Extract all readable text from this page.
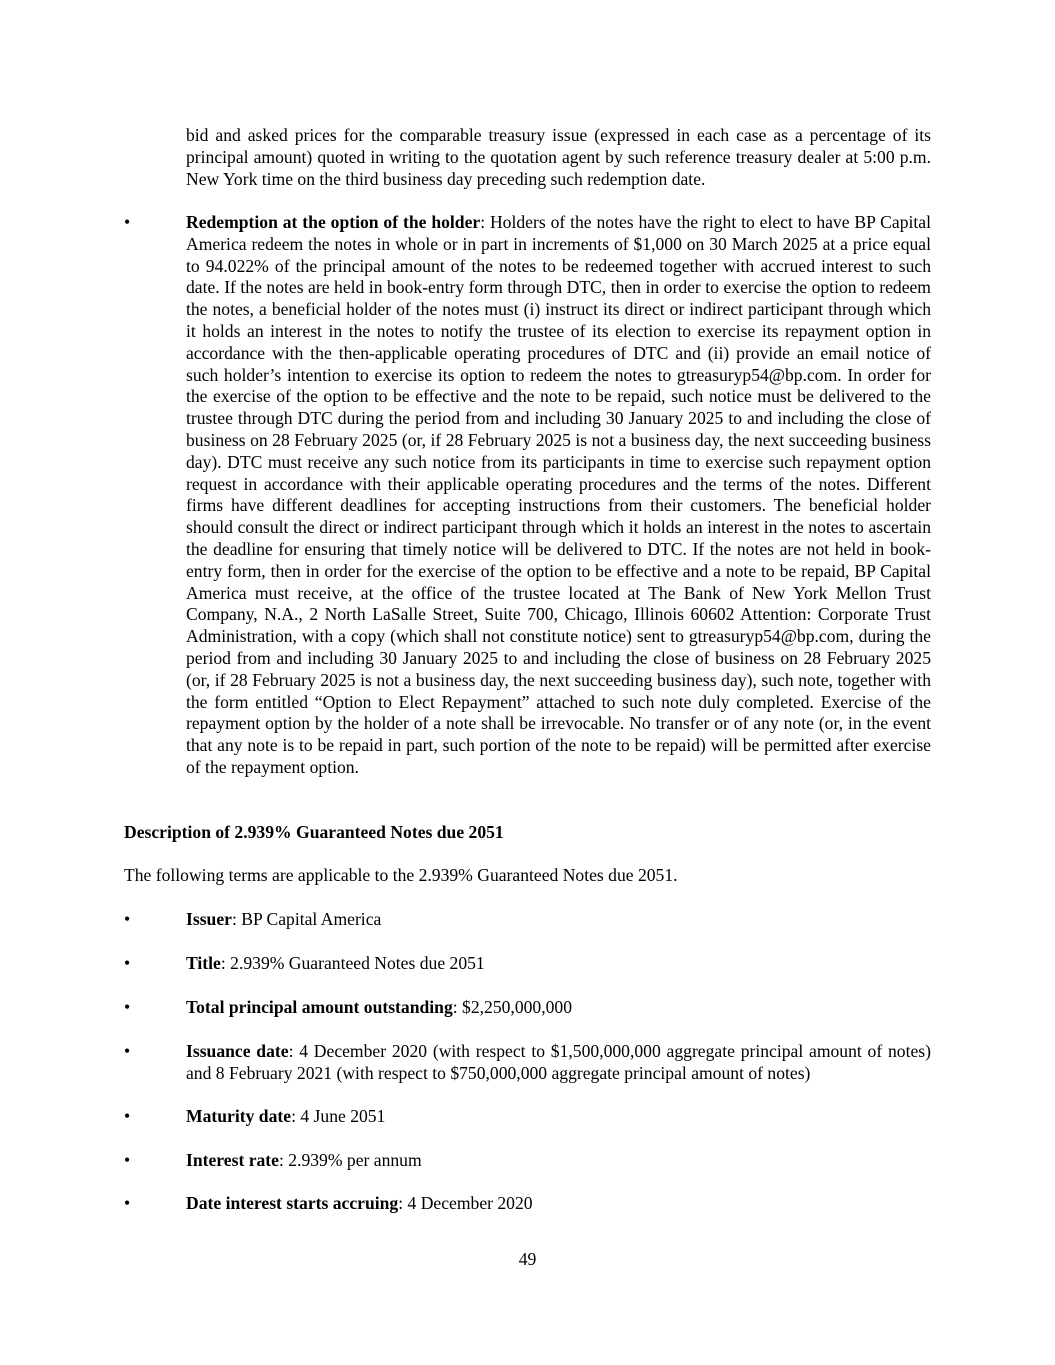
bid and asked prices for the comparable treasury issue (expressed in each case as a percentage of its principal amount) quoted in writing to the quotation agent by such reference treasury dealer at 5:00 p.m. New York time on the third business day preceding such redemption date.

•	Redemption at the option of the holder: Holders of the notes have the right to elect to have BP Capital America redeem the notes in whole or in part in increments of $1,000 on 30 March 2025 at a price equal to 94.022% of the principal amount of the notes to be redeemed together with accrued interest to such date. If the notes are held in book-entry form through DTC, then in order to exercise the option to redeem the notes, a beneficial holder of the notes must (i) instruct its direct or indirect participant through which it holds an interest in the notes to notify the trustee of its election to exercise its repayment option in accordance with the then-applicable operating procedures of DTC and (ii) provide an email notice of such holder’s intention to exercise its option to redeem the notes to gtreasuryp54@bp.com. In order for the exercise of the option to be effective and the note to be repaid, such notice must be delivered to the trustee through DTC during the period from and including 30 January 2025 to and including the close of business on 28 February 2025 (or, if 28 February 2025 is not a business day, the next succeeding business day). DTC must receive any such notice from its participants in time to exercise such repayment option request in accordance with their applicable operating procedures and the terms of the notes. Different firms have different deadlines for accepting instructions from their customers. The beneficial holder should consult the direct or indirect participant through which it holds an interest in the notes to ascertain the deadline for ensuring that timely notice will be delivered to DTC. If the notes are not held in book-entry form, then in order for the exercise of the option to be effective and a note to be repaid, BP Capital America must receive, at the office of the trustee located at The Bank of New York Mellon Trust Company, N.A., 2 North LaSalle Street, Suite 700, Chicago, Illinois 60602 Attention: Corporate Trust Administration, with a copy (which shall not constitute notice) sent to gtreasuryp54@bp.com, during the period from and including 30 January 2025 to and including the close of business on 28 February 2025 (or, if 28 February 2025 is not a business day, the next succeeding business day), such note, together with the form entitled “Option to Elect Repayment” attached to such note duly completed. Exercise of the repayment option by the holder of a note shall be irrevocable. No transfer or of any note (or, in the event that any note is to be repaid in part, such portion of the note to be repaid) will be permitted after exercise of the repayment option.

Description of 2.939% Guaranteed Notes due 2051

The following terms are applicable to the 2.939% Guaranteed Notes due 2051.

•	Issuer: BP Capital America

•	Title: 2.939% Guaranteed Notes due 2051

•	Total principal amount outstanding: $2,250,000,000

•	Issuance date: 4 December 2020 (with respect to $1,500,000,000 aggregate principal amount of notes) and 8 February 2021 (with respect to $750,000,000 aggregate principal amount of notes)

•	Maturity date: 4 June 2051

•	Interest rate: 2.939% per annum

•	Date interest starts accruing: 4 December 2020

49
